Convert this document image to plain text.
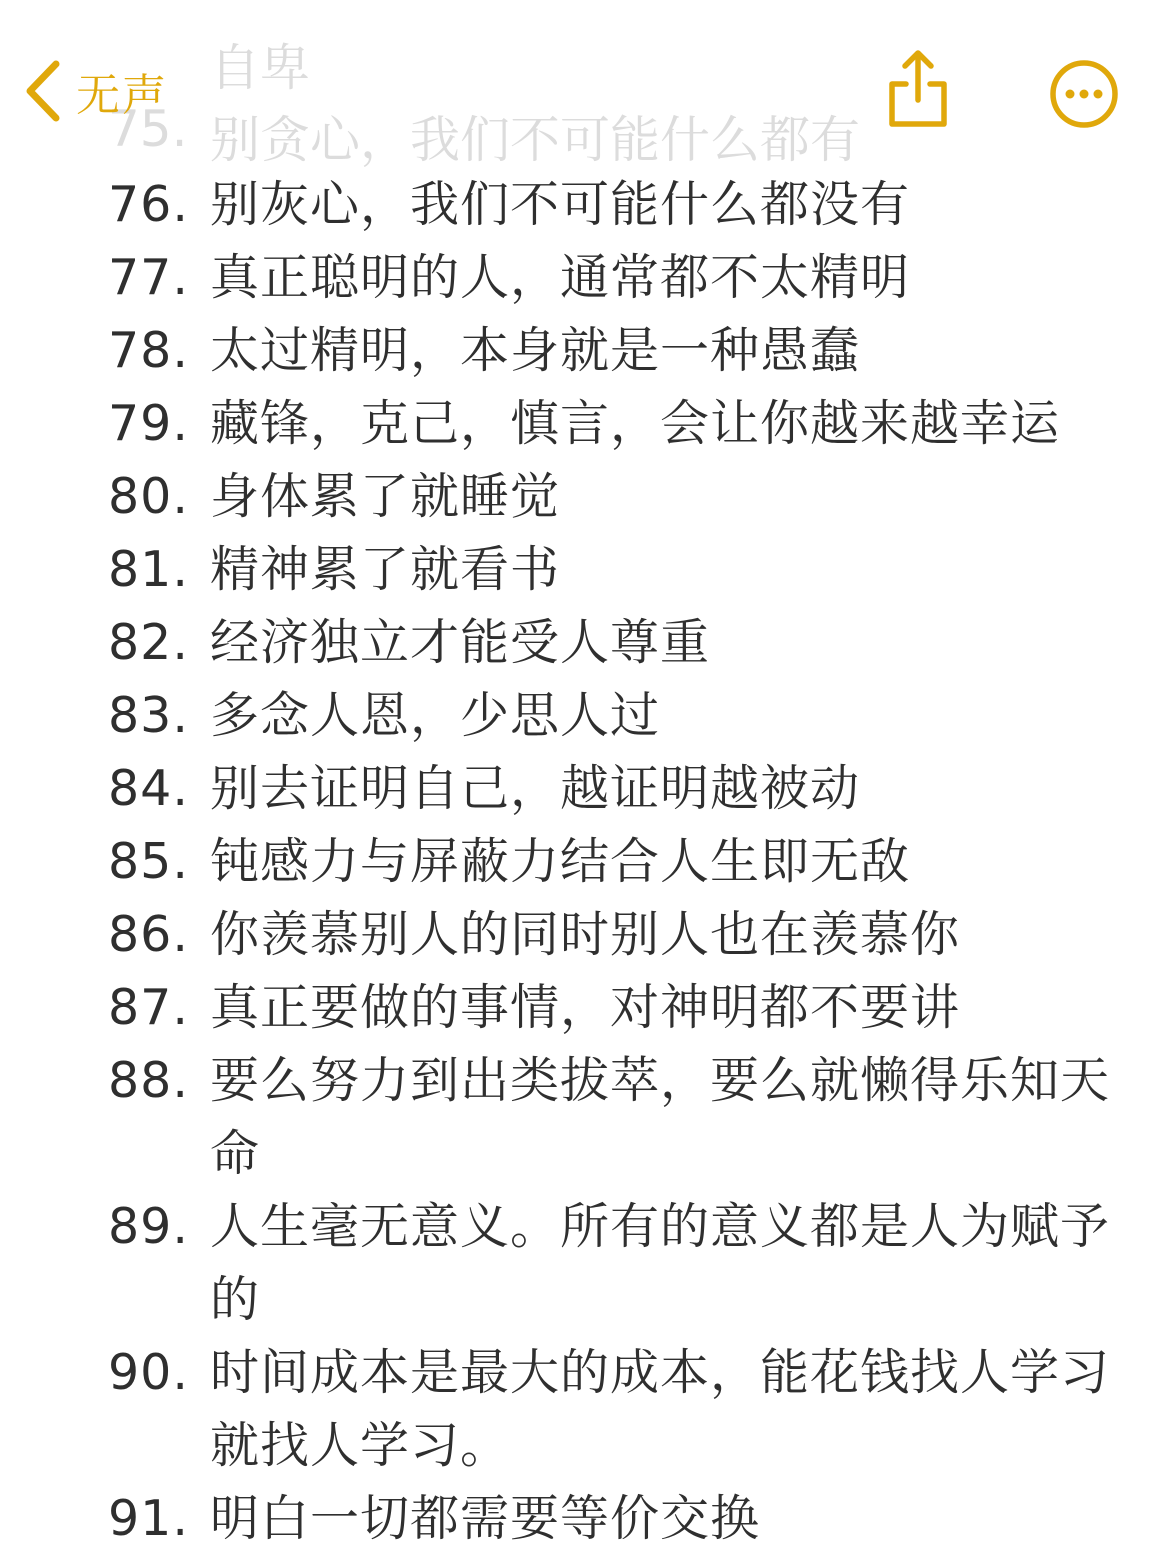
自卑
75. 别贪心，我们不可能什么都有
76. 别灰心，我们不可能什么都没有
77. 真正聪明的人，通常都不太精明
78. 太过精明，本身就是一种愚蠢
79. 藏锋，克己，慎言，会让你越来越幸运
80. 身体累了就睡觉
81. 精神累了就看书
82. 经济独立才能受人尊重
83. 多念人恩，少思人过
84. 别去证明自己，越证明越被动
85. 钝感力与屏蔽力结合人生即无敌
86. 你羡慕别人的同时别人也在羡慕你
87. 真正要做的事情，对神明都不要讲
88. 要么努力到出类拔萃，要么就懒得乐知天命
89. 人生毫无意义。所有的意义都是人为赋予的
90. 时间成本是最大的成本，能花钱找人学习就找人学习。
91. 明白一切都需要等价交换
无声
